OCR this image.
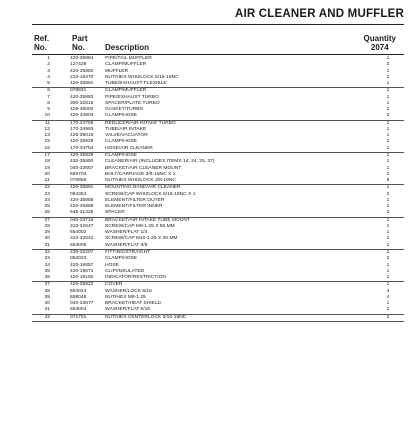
AIR CLEANER AND MUFFLER
Ref.
No.
Part
No.	Description
Quantity
2074
1	420-35884 PIPE/TAIL MUFFLER	1
2	127428	CLAMP/MUFFLER	2
3	420-35882 MUFFLER	1
4	210-19470 NUT/HEX WHIZLOCK 5/16-18NC	2
5	420-35881 TUBE/EXHAUST FLEXIBLE	1
6	078931	CLAMP/MUFFLER	1
7	420-35883 PIPE/EXHAUST TURBO	1
8	360-32615 SPACER/PLATE TURBO	1
9	425-36002 GASKET/TURBO	2
10	420-34803 CLAMP/HOSE	3
11	170-34755 REDUCER/AIR INTAKE TURBO	1
12	170-34993 TUBE/AIR INTAKE	1
13	425-35019 VALVE/VACUATOR	1
15	420-35928 CLAMP/HOSE	2
16	170-34754 HOSE/AIR CLEANER	1
17	420-35929 CLAMP/HOSE	1
18	420-35890 CLEANER/AIR (INCLUDES ITEMS 14, 24, 25, 37)	1
19	040-33657 BRACKET/AIR CLEANER MOUNT	1
20	650704	BOLT/CARRIAGE 3/8-16NC X 1	2
21	070856	NUT/HEX WHIZLOCK 3/8-16NC	6
22	420-35881 MOUNTING BAND/AIR CLEANER	1
23	064354	SCREW/CAP WHIZLOCK 5/16-18NC X 1	2
24	420-35885 ELEMENT/FILTER OUTER	1
25	420-35886 ELEMENT/FILTER INNER	1
26	545-31425 SPACER	3
27	040-33719 BRACKET/AIR INTAKE TUBE MOUNT	1
28	310-32647 SCREW/CAP M8-1.25 X 65 MM	1
29	654002	WASHER/FLAT 1/4	1
30	310-32542 SCREW/CAP M10-1.25 X 40 MM	1
31	654006	WASHER/FLAT 3/8	1
32	230-32207 FITTING/STRAIGHT	2
33	062023	CLAMP/HOSE	2
34	420-16857 HOSE	1
35	420-19671 CLIP/INSULATED	1
36	420-18160 INDICATOR/RESTRICTION	1
37	420-35922 COVER	1
38	654024	WASHER/LOCK 5/16	4
39	658048	NUT/HEX M8-1.25	4
40	040-33677 BRACKET/HEAT SHIELD	1
41	654004	WASHER/FLAT 5/16	2
42	071701	NUT/HEX CENTERLOCK 5/16-18NC	2
